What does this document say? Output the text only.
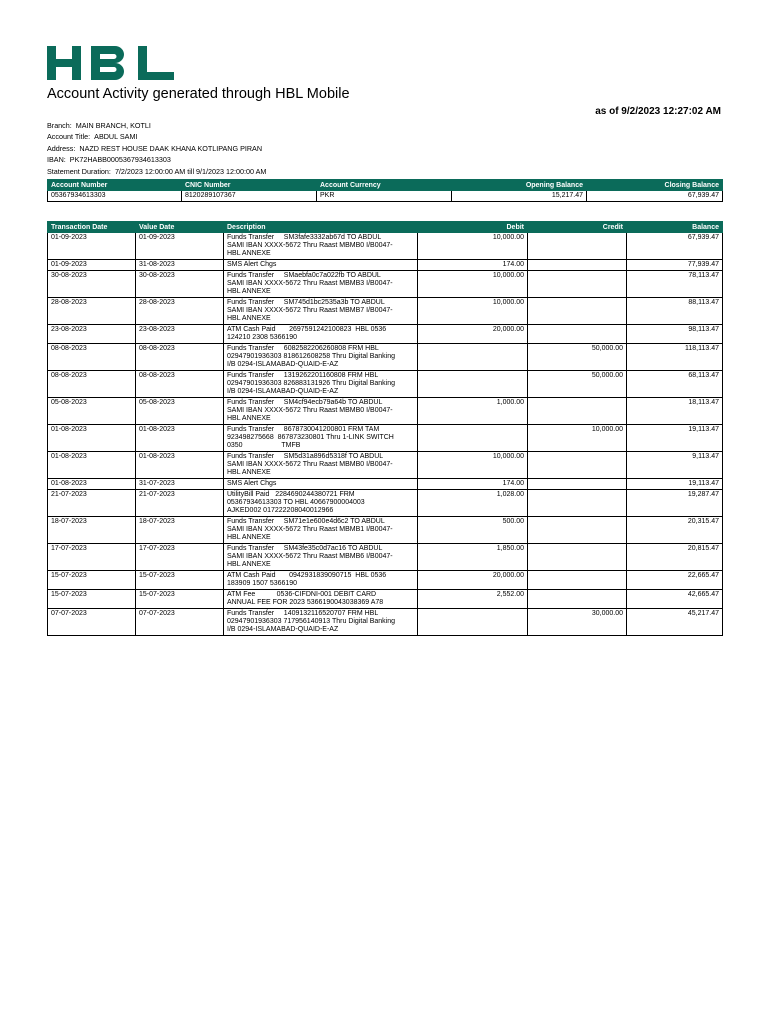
Account Activity generated through HBL Mobile
as of 9/2/2023 12:27:02 AM
Branch: MAIN BRANCH, KOTLI
Account Title: ABDUL SAMI
Address: NAZD REST HOUSE DAAK KHANA KOTLIPANG PIRAN
IBAN: PK72HABB0005367934613303
Statement Duration: 7/2/2023 12:00:00 AM till 9/1/2023 12:00:00 AM
Account Number	CNIC Number	Account Currency	Opening Balance	Closing Balance
05367934613303	8120289107367	PKR	15,217.47	67,939.47
Transaction Date	Value Date	Description	Debit	Credit	Balance
01-09-2023	01-09-2023	Funds Transfer     SM3fafe3332ab67d TO ABDUL
SAMI IBAN XXXX-5672 Thru Raast MBMB0 I/B0047-
HBL ANNEXE	10,000.00		67,939.47
01-09-2023	31-08-2023	SMS Alert Chgs	174.00		77,939.47
30-08-2023	30-08-2023	Funds Transfer     SMaebfa0c7a022fb TO ABDUL
SAMI IBAN XXXX-5672 Thru Raast MBMB3 I/B0047-
HBL ANNEXE	10,000.00		78,113.47
28-08-2023	28-08-2023	Funds Transfer     SM745d1bc2535a3b TO ABDUL
SAMI IBAN XXXX-5672 Thru Raast MBMB7 I/B0047-
HBL ANNEXE	10,000.00		88,113.47
23-08-2023	23-08-2023	ATM Cash Paid       2697591242100823  HBL 0536
124210 2308 5366190	20,000.00		98,113.47
08-08-2023	08-08-2023	Funds Transfer     6082582206260808 FRM HBL
02947901936303 818612608258 Thru Digital Banking
I/B 0294-ISLAMABAD-QUAID-E-AZ		50,000.00	118,113.47
08-08-2023	08-08-2023	Funds Transfer     1319262201160808 FRM HBL
02947901936303 826883131926 Thru Digital Banking
I/B 0294-ISLAMABAD-QUAID-E-AZ		50,000.00	68,113.47
05-08-2023	05-08-2023	Funds Transfer     SM4cf94ecb79a64b TO ABDUL
SAMI IBAN XXXX-5672 Thru Raast MBMB0 I/B0047-
HBL ANNEXE	1,000.00		18,113.47
01-08-2023	01-08-2023	Funds Transfer     8678730041200801 FRM TAM
923498275668  867873230801 Thru 1-LINK SWITCH
0350                    TMFB		10,000.00	19,113.47
01-08-2023	01-08-2023	Funds Transfer     SM5d31a896d5318f TO ABDUL
SAMI IBAN XXXX-5672 Thru Raast MBMB0 I/B0047-
HBL ANNEXE	10,000.00		9,113.47
01-08-2023	31-07-2023	SMS Alert Chgs	174.00		19,113.47
21-07-2023	21-07-2023	UtilityBill Paid   2284690244380721 FRM
05367934613303 TO HBL 40667900004003
AJKED002 017222208040012966	1,028.00		19,287.47
18-07-2023	18-07-2023	Funds Transfer     SM71e1e600e4d6c2 TO ABDUL
SAMI IBAN XXXX-5672 Thru Raast MBMB1 I/B0047-
HBL ANNEXE	500.00		20,315.47
17-07-2023	17-07-2023	Funds Transfer     SM43fe35c0d7ac16 TO ABDUL
SAMI IBAN XXXX-5672 Thru Raast MBMB6 I/B0047-
HBL ANNEXE	1,850.00		20,815.47
15-07-2023	15-07-2023	ATM Cash Paid       0942931839090715  HBL 0536
183909 1507 5366190	20,000.00		22,665.47
15-07-2023	15-07-2023	ATM Fee           0536-CIFDNI-001 DEBIT CARD
ANNUAL FEE FOR 2023 5366190043038369 A78	2,552.00		42,665.47
07-07-2023	07-07-2023	Funds Transfer     1409132116520707 FRM HBL
02947901936303 717956140913 Thru Digital Banking
I/B 0294-ISLAMABAD-QUAID-E-AZ		30,000.00	45,217.47
